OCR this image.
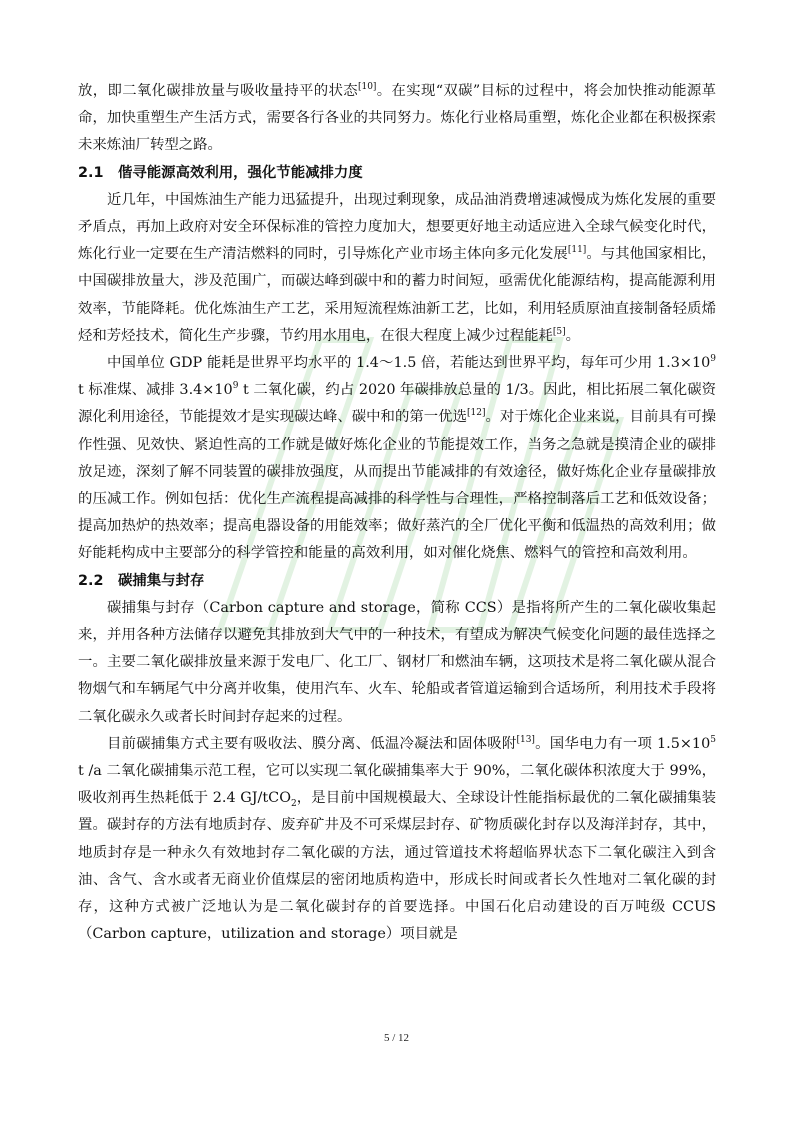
放，即二氧化碳排放量与吸收量持平的状态[10]。在实现“双碳”目标的过程中，将会加快推动能源革命，加快重塑生产生活方式，需要各行各业的共同努力。炼化行业格局重塑，炼化企业都在积极探索未来炼油厂转型之路。

2.1 偕寻能源高效利用，强化节能减排力度

近几年，中国炼油生产能力迅猛提升，出现过剩现象，成品油消费增速减慢成为炼化发展的重要矛盾点，再加上政府对安全环保标准的管控力度加大，想要更好地主动适应进入全球气候变化时代，炼化行业一定要在生产清洁燃料的同时，引导炼化产业市场主体向多元化发展[11]。与其他国家相比，中国碳排放量大，涉及范围广，而碳达峰到碳中和的蓄力时间短，亟需优化能源结构，提高能源利用效率，节能降耗。优化炼油生产工艺，采用短流程炼油新工艺，比如，利用轻质原油直接制备轻质烯烃和芳烃技术，简化生产步骤，节约用水用电，在很大程度上减少过程能耗[5]。

中国单位 GDP 能耗是世界平均水平的 1.4～1.5 倍，若能达到世界平均，每年可少用 $1.3\times 10^9$ t 标准煤、减排 $3.4\times 10^9$ t 二氧化碳，约占 2020 年碳排放总量的 1/3。因此，相比拓展二氧化碳资源化利用途径，节能提效才是实现碳达峰、碳中和的第一优选[12]。对于炼化企业来说，目前具有可操作性强、见效快、紧迫性高的工作就是做好炼化企业的节能提效工作，当务之急就是摸清企业的碳排放足迹，深刻了解不同装置的碳排放强度，从而提出节能减排的有效途径，做好炼化企业存量碳排放的压减工作。例如包括：优化生产流程提高减排的科学性与合理性，严格控制落后工艺和低效设备；提高加热炉的热效率；提高电器设备的用能效率；做好蒸汽的全厂优化平衡和低温热的高效利用；做好能耗构成中主要部分的科学管控和能量的高效利用，如对催化烧焦、燃料气的管控和高效利用。

2.2 碳捕集与封存

碳捕集与封存（Carbon capture and storage，简称 CCS）是指将所产生的二氧化碳收集起来，并用各种方法储存以避免其排放到大气中的一种技术，有望成为解决气候变化问题的最佳选择之一。主要二氧化碳排放量来源于发电厂、化工厂、钢材厂和燃油车辆，这项技术是将二氧化碳从混合物烟气和车辆尾气中分离并收集，使用汽车、火车、轮船或者管道运输到合适场所，利用技术手段将二氧化碳永久或者长时间封存起来的过程。

目前碳捕集方式主要有吸收法、膜分离、低温冷凝法和固体吸附[13]。国华电力有一项 $1.5\times 10^5$ t /a 二氧化碳捕集示范工程，它可以实现二氧化碳捕集率大于 90%，二氧化碳体积浓度大于 99%，吸收剂再生热耗低于 2.4 GJ/tCO$_2$，是目前中国规模最大、全球设计性能指标最优的二氧化碳捕集装置。碳封存的方法有地质封存、废弃矿井及不可采煤层封存、矿物质碳化封存以及海洋封存，其中，地质封存是一种永久有效地封存二氧化碳的方法，通过管道技术将超临界状态下二氧化碳注入到含油、含气、含水或者无商业价值煤层的密闭地质构造中，形成长时间或者长久性地对二氧化碳的封存，这种方式被广泛地认为是二氧化碳封存的首要选择。中国石化启动建设的百万吨级 CCUS（Carbon capture，utilization and storage）项目就是

5 / 12
